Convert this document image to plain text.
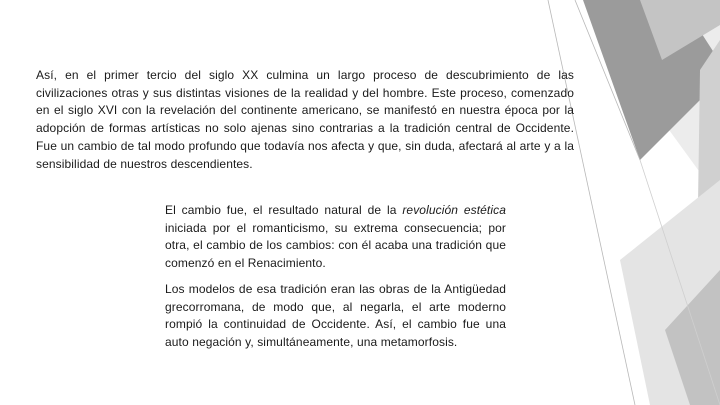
Así, en el primer tercio del siglo XX culmina un largo proceso de descubrimiento de las civilizaciones otras y sus distintas visiones de la realidad y del hombre. Este proceso, comenzado en el siglo XVI con la revelación del continente americano, se manifestó en nuestra época por la adopción de formas artísticas no solo ajenas sino contrarias a la tradición central de Occidente. Fue un cambio de tal modo profundo que todavía nos afecta y que, sin duda, afectará al arte y a la sensibilidad de nuestros descendientes.

El cambio fue, el resultado natural de la revolución estética iniciada por el romanticismo, su extrema consecuencia; por otra, el cambio de los cambios: con él acaba una tradición que comenzó en el Renacimiento.

Los modelos de esa tradición eran las obras de la Antigüedad grecorromana, de modo que, al negarla, el arte moderno rompió la continuidad de Occidente. Así, el cambio fue una auto negación y, simultáneamente, una metamorfosis.
